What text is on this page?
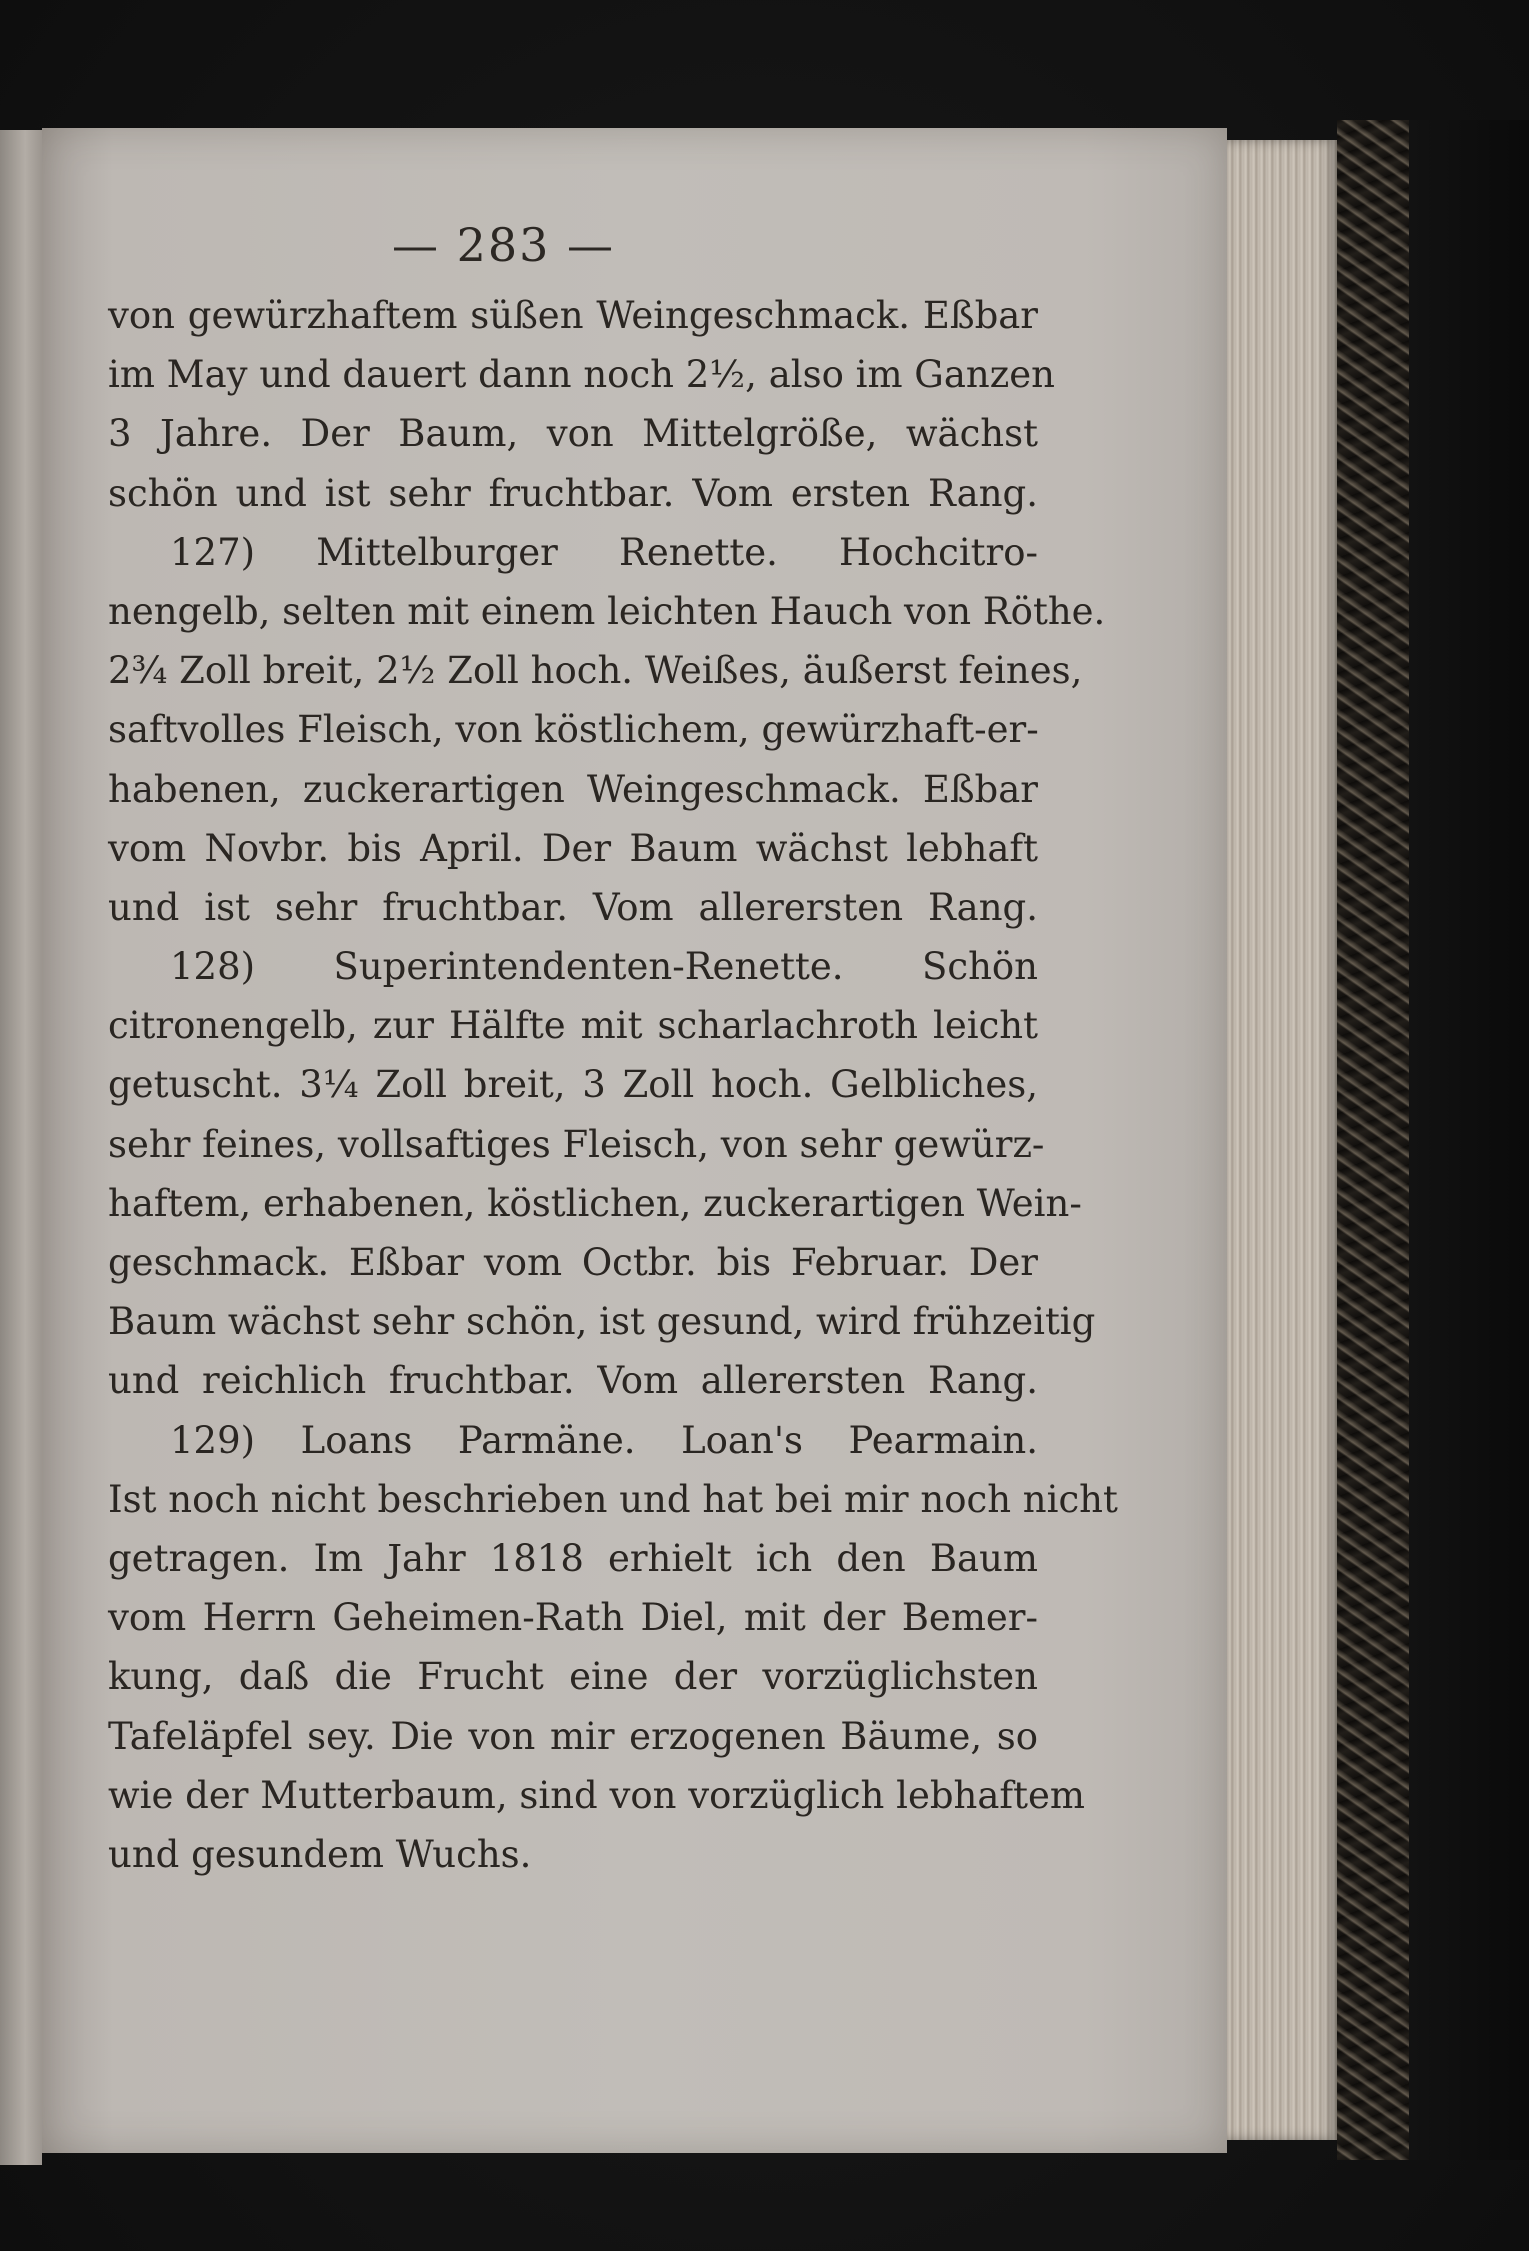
— 283 —
von gewürzhaftem süßen Weingeschmack. Eßbar
im May und dauert dann noch 2½, also im Ganzen
3 Jahre. Der Baum, von Mittelgröße, wächst
schön und ist sehr fruchtbar. Vom ersten Rang.
127) Mittelburger Renette. Hochcitro-
nengelb, selten mit einem leichten Hauch von Röthe.
2¾ Zoll breit, 2½ Zoll hoch. Weißes, äußerst feines,
saftvolles Fleisch, von köstlichem, gewürzhaft-er-
habenen, zuckerartigen Weingeschmack. Eßbar
vom Novbr. bis April. Der Baum wächst lebhaft
und ist sehr fruchtbar. Vom allerersten Rang.
128) Superintendenten-Renette. Schön
citronengelb, zur Hälfte mit scharlachroth leicht
getuscht. 3¼ Zoll breit, 3 Zoll hoch. Gelbliches,
sehr feines, vollsaftiges Fleisch, von sehr gewürz-
haftem, erhabenen, köstlichen, zuckerartigen Wein-
geschmack. Eßbar vom Octbr. bis Februar. Der
Baum wächst sehr schön, ist gesund, wird frühzeitig
und reichlich fruchtbar. Vom allerersten Rang.
129) Loans Parmäne. Loan's Pearmain.
Ist noch nicht beschrieben und hat bei mir noch nicht
getragen. Im Jahr 1818 erhielt ich den Baum
vom Herrn Geheimen-Rath Diel, mit der Bemer-
kung, daß die Frucht eine der vorzüglichsten
Tafeläpfel sey. Die von mir erzogenen Bäume, so
wie der Mutterbaum, sind von vorzüglich lebhaftem
und gesundem Wuchs.
